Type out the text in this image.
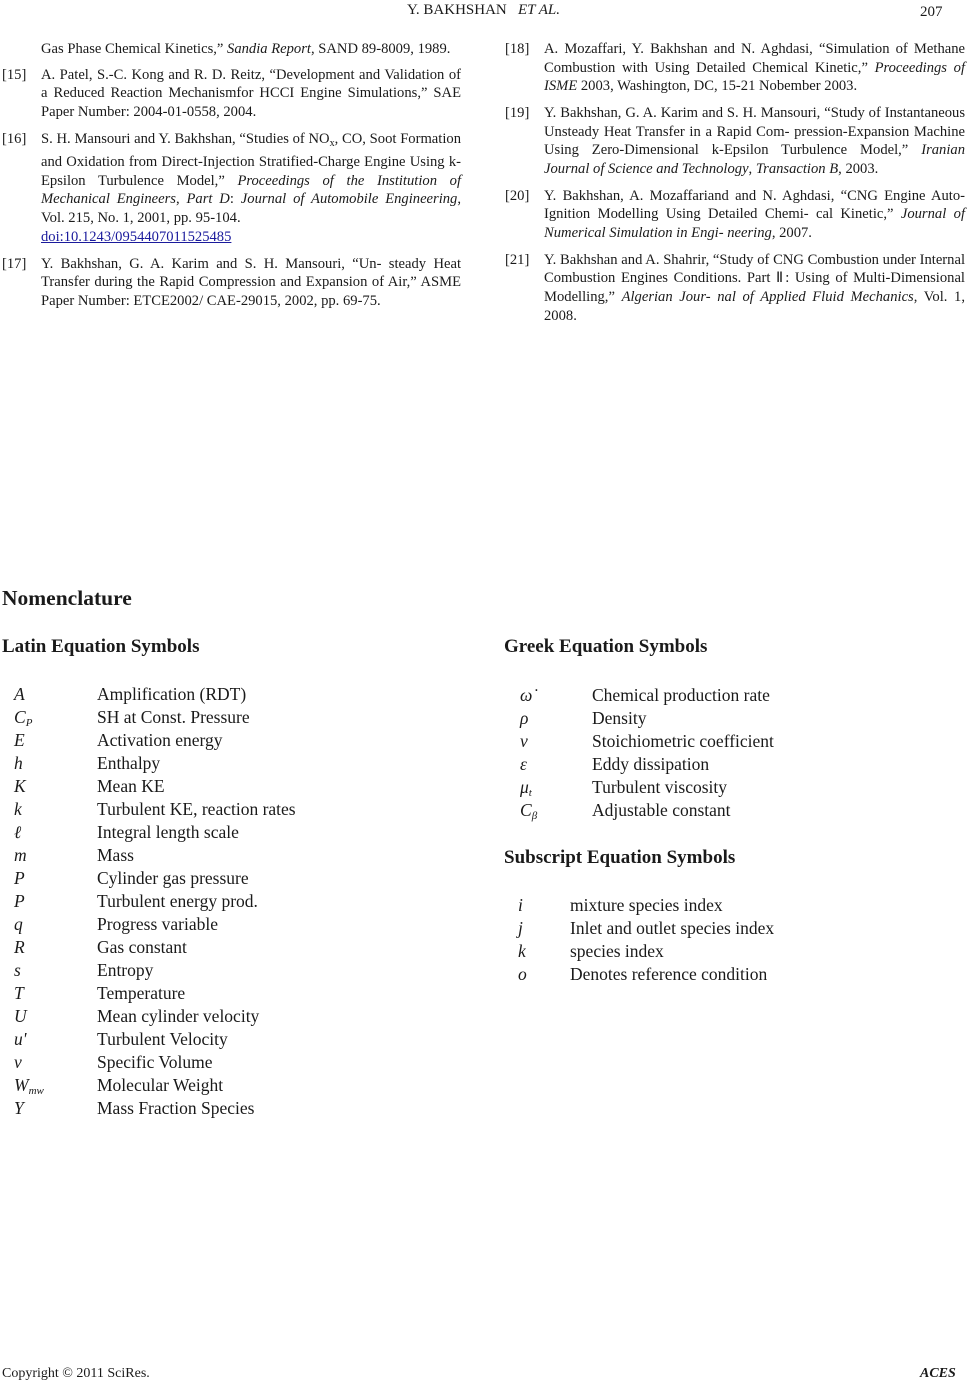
Y. BAKHSHAN ET AL.	207
Gas Phase Chemical Kinetics,” Sandia Report, SAND 89-8009, 1989.
[15] A. Patel, S.-C. Kong and R. D. Reitz, “Development and Validation of a Reduced Reaction Mechanismfor HCCI Engine Simulations,” SAE Paper Number: 2004-01-0558, 2004.
[16] S. H. Mansouri and Y. Bakhshan, “Studies of $NO_x$, CO, Soot Formation and Oxidation from Direct-Injection Stratified-Charge Engine Using k-Epsilon Turbulence Model,” Proceedings of the Institution of Mechanical Engineers, Part D: Journal of Automobile Engineering, Vol. 215, No. 1, 2001, pp. 95-104.
doi:10.1243/0954407011525485
[17] Y. Bakhshan, G. A. Karim and S. H. Mansouri, “Un- steady Heat Transfer during the Rapid Compression and Expansion of Air,” ASME Paper Number: ETCE2002/ CAE-29015, 2002, pp. 69-75.
[18] A. Mozaffari, Y. Bakhshan and N. Aghdasi, “Simulation of Methane Combustion with Using Detailed Chemical Kinetic,” Proceedings of ISME 2003, Washington, DC, 15-21 Nobember 2003.
[19] Y. Bakhshan, G. A. Karim and S. H. Mansouri, “Study of Instantaneous Unsteady Heat Transfer in a Rapid Com- pression-Expansion Machine Using Zero-Dimensional k-Epsilon Turbulence Model,” Iranian Journal of Science and Technology, Transaction B, 2003.
[20] Y. Bakhshan, A. Mozaffariand and N. Aghdasi, “CNG Engine Auto-Ignition Modelling Using Detailed Chemi- cal Kinetic,” Journal of Numerical Simulation in Engi- neering, 2007.
[21] Y. Bakhshan and A. Shahrir, “Study of CNG Combustion under Internal Combustion Engines Conditions. Part Ⅱ: Using of Multi-Dimensional Modelling,” Algerian Jour- nal of Applied Fluid Mechanics, Vol. 1, 2008.
Nomenclature
Latin Equation Symbols	Greek Equation Symbols
Subscript Equation Symbols
A	Amplification (RDT)
CP	SH at Const. Pressure
E	Activation energy
h	Enthalpy
K	Mean KE
k	Turbulent KE, reaction rates
ℓ	Integral length scale
m	Mass
P	Cylinder gas pressure
P	Turbulent energy prod.
q	Progress variable
R	Gas constant
s	Entropy
T	Temperature
U	Mean cylinder velocity
u'	Turbulent Velocity
v	Specific Volume
Wmw	Molecular Weight
Y	Mass Fraction Species
ω̇	Chemical production rate
ρ	Density
ν	Stoichiometric coefficient
ε	Eddy dissipation
μt	Turbulent viscosity
Cβ	Adjustable constant
i	mixture species index
j	Inlet and outlet species index
k	species index
o Denotes reference condition
Copyright © 2011 SciRes.	ACES
